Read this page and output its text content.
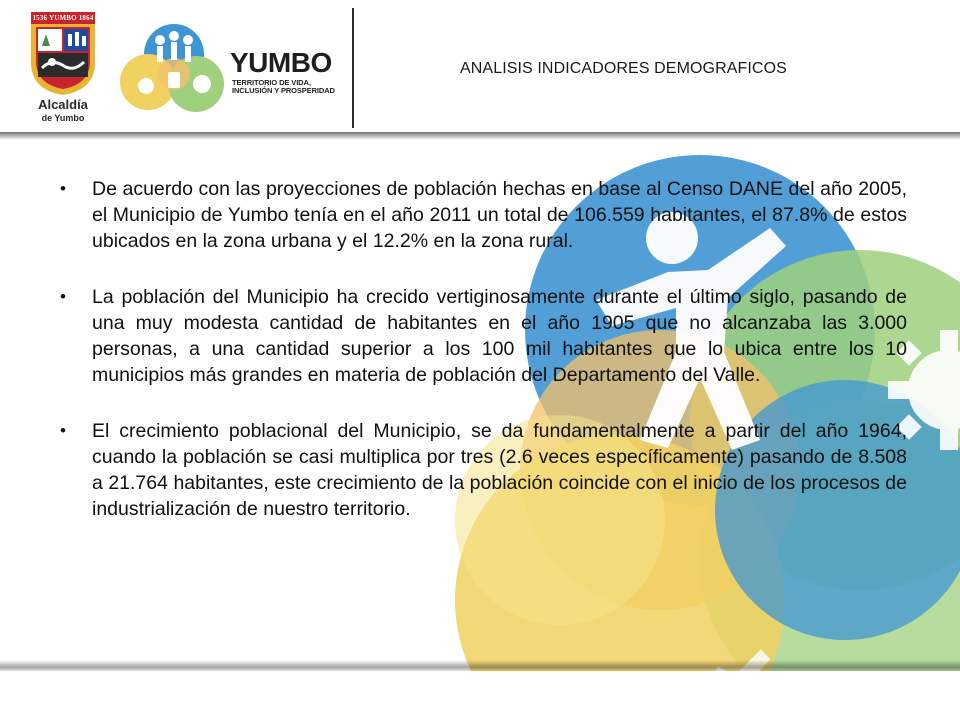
1536 YUMBO 1864
Alcaldía
de Yumbo
YUMBO
TERRITORIO DE VIDA,
INCLUSIÓN Y PROSPERIDAD
ANALISIS INDICADORES DEMOGRAFICOS
• De acuerdo con las proyecciones de población hechas en base al Censo DANE del año 2005, el Municipio de Yumbo tenía en el año 2011 un total de 106.559 habitantes, el 87.8% de estos ubicados en la zona urbana y el 12.2% en la zona rural.
• La población del Municipio ha crecido vertiginosamente durante el último siglo, pasando de una muy modesta cantidad de habitantes en el año 1905 que no alcanzaba las 3.000 personas, a una cantidad superior a los 100 mil habitantes que lo ubica entre los 10 municipios más grandes en materia de población del Departamento del Valle.
• El crecimiento poblacional del Municipio, se da fundamentalmente a partir del año 1964, cuando la población se casi multiplica por tres (2.6 veces específicamente) pasando de 8.508 a 21.764 habitantes, este crecimiento de la población coincide con el inicio de los procesos de industrialización de nuestro territorio.
